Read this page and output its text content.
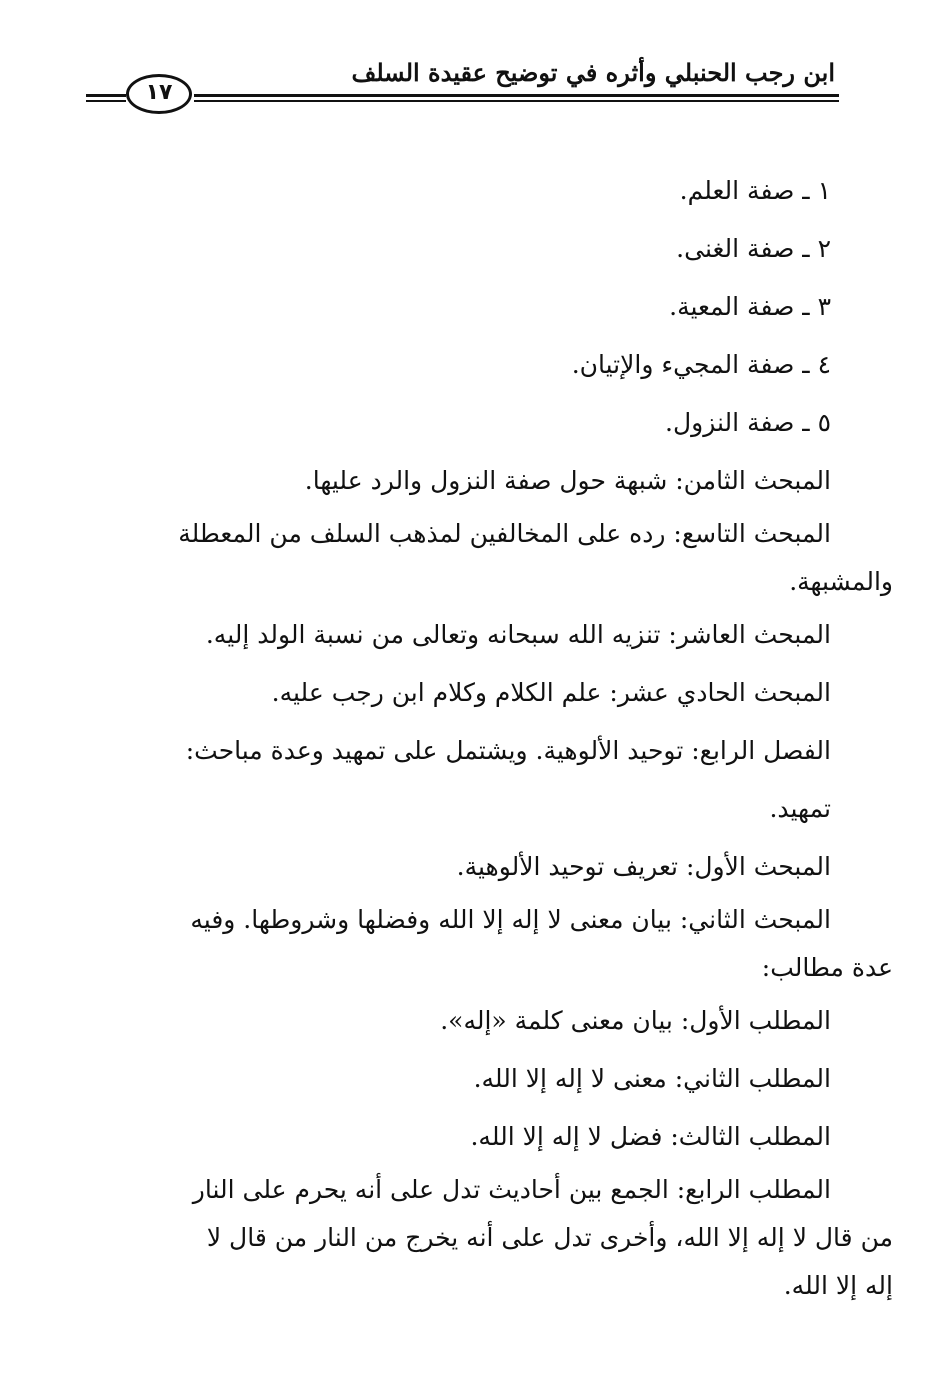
ابن رجب الحنبلي وأثره في توضيح عقيدة السلف
١٧

١ ـ صفة العلم.

٢ ـ صفة الغنى.

٣ ـ صفة المعية.

٤ ـ صفة المجيء والإتيان.

٥ ـ صفة النزول.

المبحث الثامن: شبهة حول صفة النزول والرد عليها.

المبحث التاسع: رده على المخالفين لمذهب السلف من المعطلة

والمشبهة.

المبحث العاشر: تنزيه الله سبحانه وتعالى من نسبة الولد إليه.

المبحث الحادي عشر: علم الكلام وكلام ابن رجب عليه.

الفصل الرابع: توحيد الألوهية. ويشتمل على تمهيد وعدة مباحث:

تمهيد.

المبحث الأول: تعريف توحيد الألوهية.

المبحث الثاني: بيان معنى لا إله إلا الله وفضلها وشروطها. وفيه

عدة مطالب:

المطلب الأول: بيان معنى كلمة «إله».

المطلب الثاني: معنى لا إله إلا الله.

المطلب الثالث: فضل لا إله إلا الله.

المطلب الرابع: الجمع بين أحاديث تدل على أنه يحرم على النار

من قال لا إله إلا الله، وأخرى تدل على أنه يخرج من النار من قال لا

إله إلا الله.
